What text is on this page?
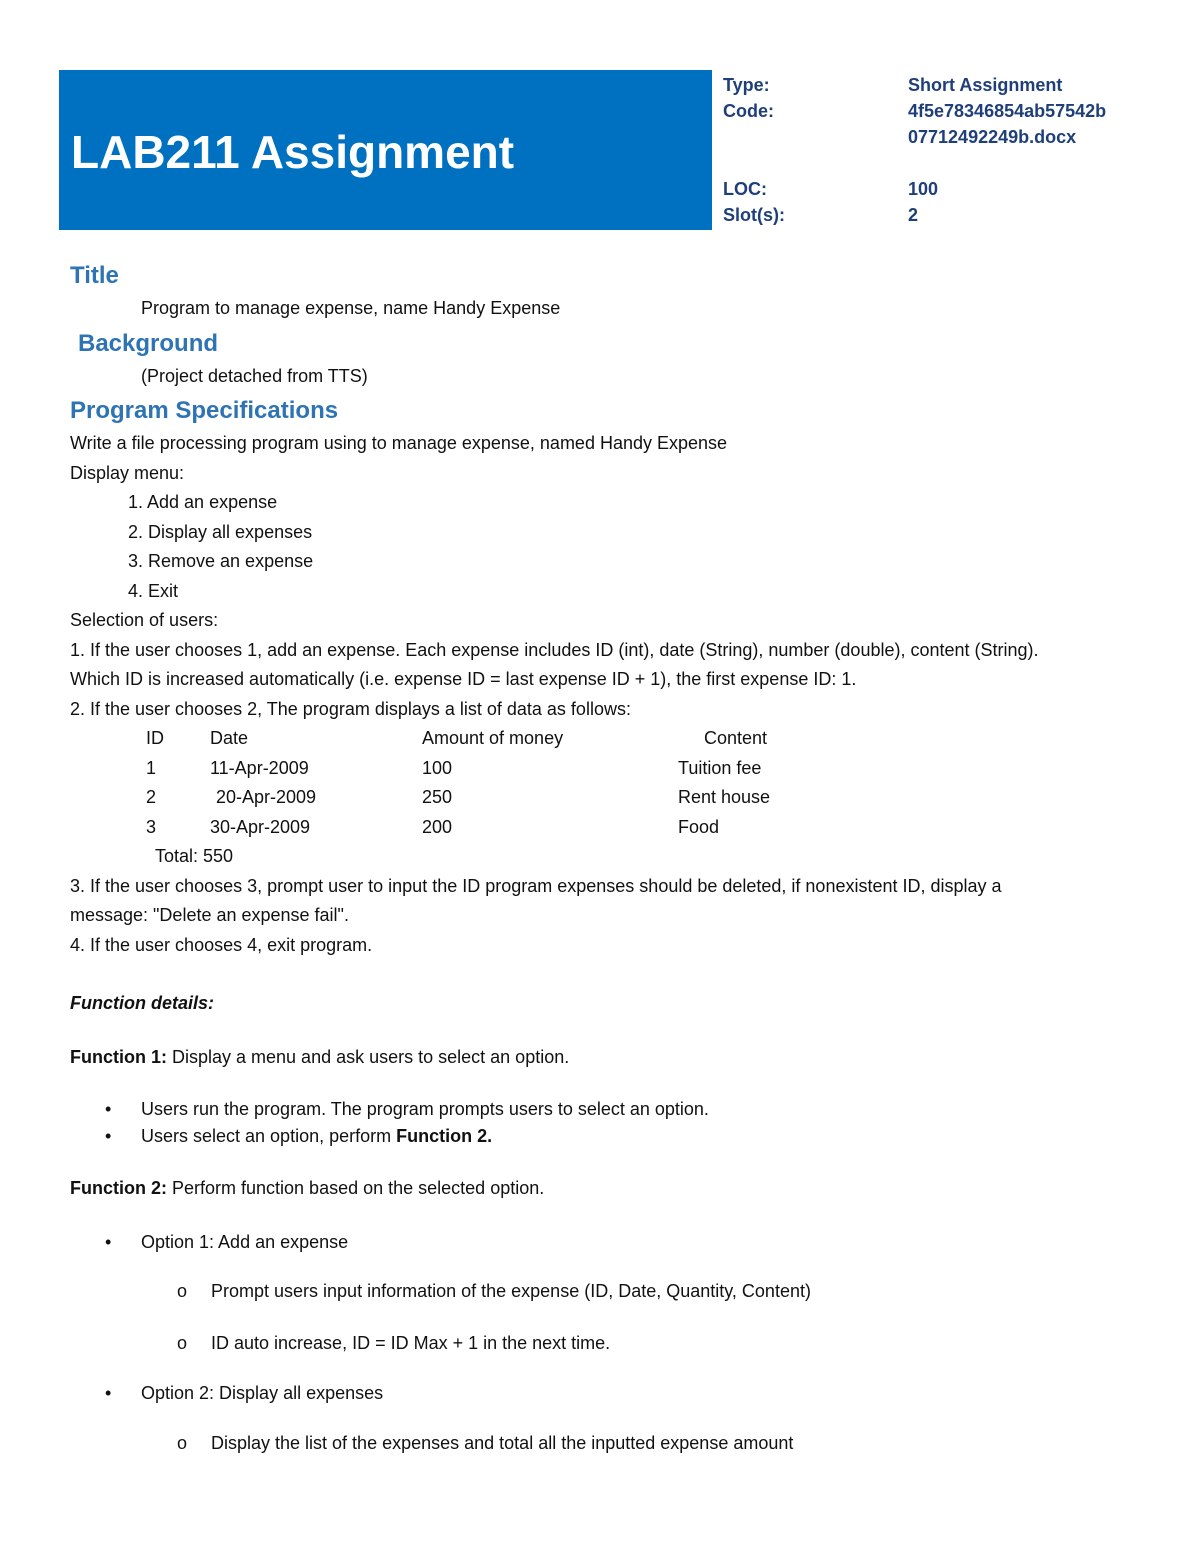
LAB211 Assignment
Type:	Short Assignment
Code:	4f5e78346854ab57542b07712492249b.docx
LOC:	100
Slot(s):	2
Title
Program to manage expense, name Handy Expense
Background
(Project detached from TTS)
Program Specifications
Write a file processing program using to manage expense, named Handy Expense
Display menu:
1. Add an expense
2. Display all expenses
3. Remove an expense
4. Exit
Selection of users:
1. If the user chooses 1, add an expense. Each expense includes ID (int), date (String), number (double), content (String).
Which ID is increased automatically (i.e. expense ID = last expense ID + 1), the first expense ID: 1.
2. If the user chooses 2, The program displays a list of data as follows:
ID	Date	Amount of money	Content
1	11-Apr-2009	100	Tuition fee
2	20-Apr-2009	250	Rent house
3	30-Apr-2009	200	Food
Total: 550
3. If the user chooses 3, prompt user to input the ID program expenses should be deleted, if nonexistent ID, display a
message: "Delete an expense fail".
4. If the user chooses 4, exit program.
Function details:
Function 1: Display a menu and ask users to select an option.
• Users run the program. The program prompts users to select an option.
• Users select an option, perform Function 2.
Function 2: Perform function based on the selected option.
• Option 1: Add an expense
o Prompt users input information of the expense (ID, Date, Quantity, Content)
o ID auto increase, ID = ID Max + 1 in the next time.
• Option 2: Display all expenses
o Display the list of the expenses and total all the inputted expense amount
